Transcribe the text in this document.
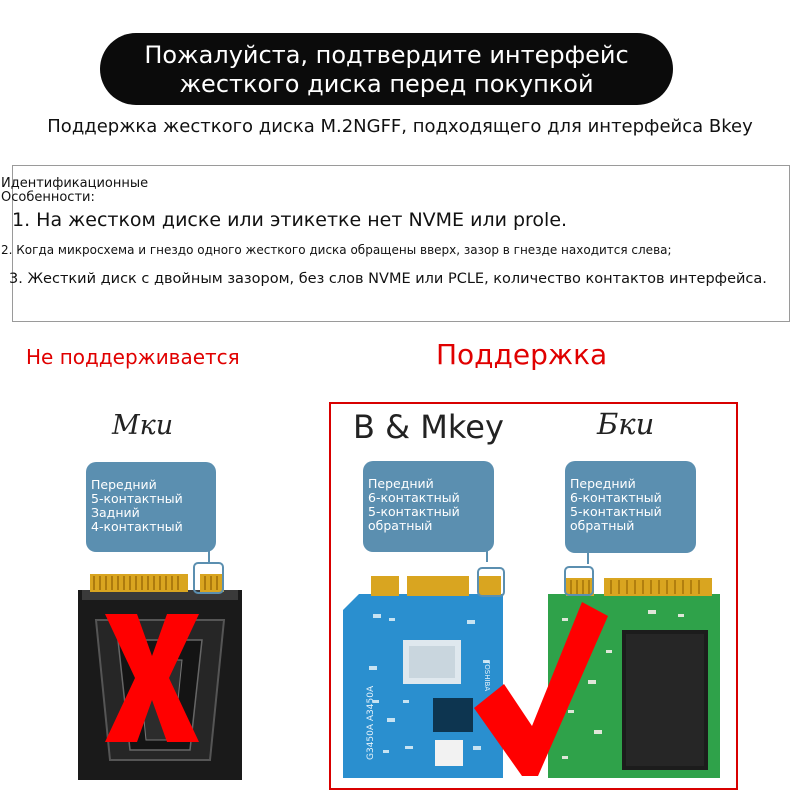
Пожалуйста, подтвердите интерфейс
жесткого диска перед покупкой
Поддержка жесткого диска M.2NGFF, подходящего для интерфейса Bkey
Идентификационные
Особенности:
1. На жестком диске или этикетке нет NVME или prole.
2. Когда микросхема и гнездо одного жесткого диска обращены вверх, зазор в гнезде находится слева;
3. Жесткий диск с двойным зазором, без слов NVME или PCLE, количество контактов интерфейса.
Не поддерживается	Поддержка
Мки	B & Mkey	Бки
G3450A A3450A
TOSHIBA
Передний
5-контактный
Задний
4-контактный
Передний
6-контактный
5-контактный
обратный
Передний
6-контактный
5-контактный
обратный
